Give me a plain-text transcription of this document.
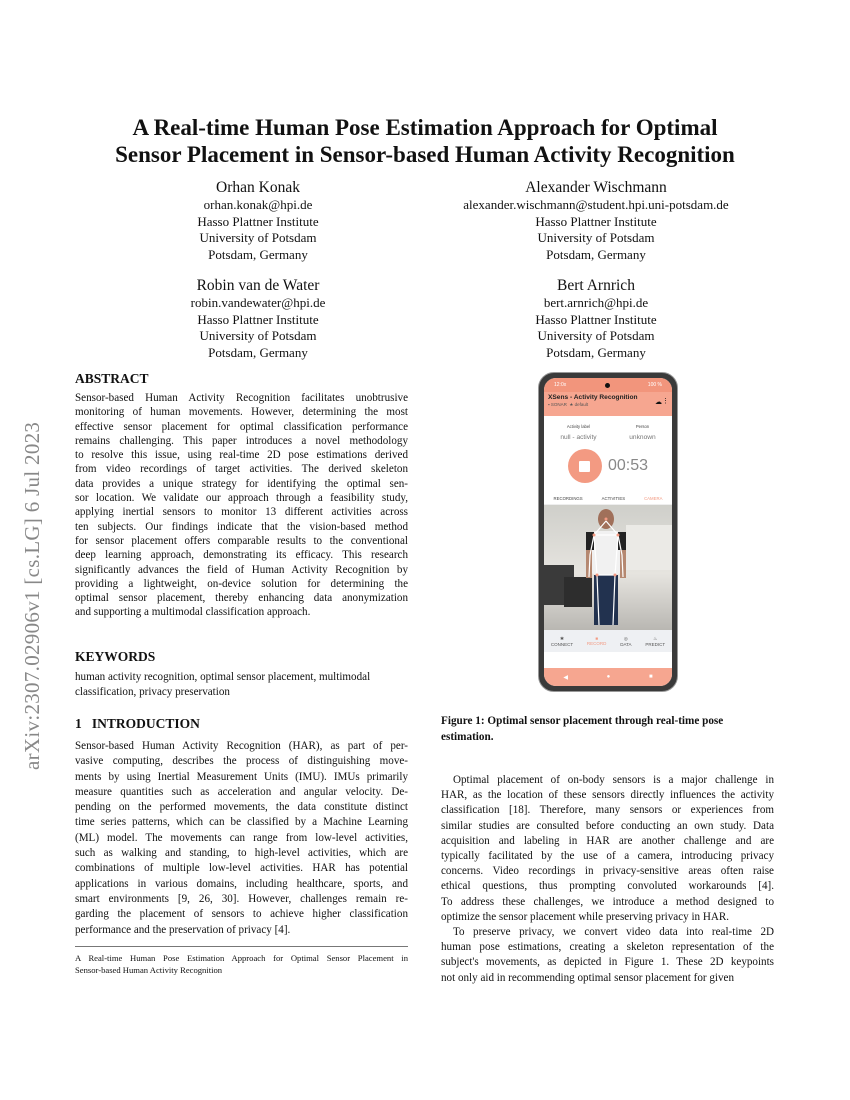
arXiv:2307.02906v1 [cs.LG] 6 Jul 2023
A Real-time Human Pose Estimation Approach for Optimal
Sensor Placement in Sensor-based Human Activity Recognition
Orhan Konak
orhan.konak@hpi.de
Hasso Plattner Institute
University of Potsdam
Potsdam, Germany
Alexander Wischmann
alexander.wischmann@student.hpi.uni-potsdam.de
Hasso Plattner Institute
University of Potsdam
Potsdam, Germany
Robin van de Water
robin.vandewater@hpi.de
Hasso Plattner Institute
University of Potsdam
Potsdam, Germany
Bert Arnrich
bert.arnrich@hpi.de
Hasso Plattner Institute
University of Potsdam
Potsdam, Germany
ABSTRACT
Sensor-based Human Activity Recognition facilitates unobtrusive
monitoring of human movements. However, determining the most
effective sensor placement for optimal classification performance
remains challenging. This paper introduces a novel methodology
to resolve this issue, using real-time 2D pose estimations derived
from video recordings of target activities. The derived skeleton
data provides a unique strategy for identifying the optimal sen-
sor location. We validate our approach through a feasibility study,
applying inertial sensors to monitor 13 different activities across
ten subjects. Our findings indicate that the vision-based method
for sensor placement offers comparable results to the conventional
deep learning approach, demonstrating its efficacy. This research
significantly advances the field of Human Activity Recognition by
providing a lightweight, on-device solution for determining the
optimal sensor placement, thereby enhancing data anonymization
and supporting a multimodal classification approach.
KEYWORDS
human activity recognition, optimal sensor placement, multimodal
classification, privacy preservation
1 INTRODUCTION
Sensor-based Human Activity Recognition (HAR), as part of per-
vasive computing, describes the process of distinguishing move-
ments by using Inertial Measurement Units (IMU). IMUs primarily
measure quantities such as acceleration and angular velocity. De-
pending on the performed movements, the data constitute distinct
time series patterns, which can be classified by a Machine Learning
(ML) model. The movements can range from low-level activities,
such as walking and standing, to high-level activities, which are
combinations of multiple low-level activities. HAR has potential
applications in various domains, including healthcare, sports, and
smart environments [9, 26, 30]. However, challenges remain re-
garding the placement of sensors to achieve higher classification
performance and the preservation of privacy [4].
A Real-time Human Pose Estimation Approach for Optimal Sensor Placement in
Sensor-based Human Activity Recognition
12:0x	100 %
XSens - Activity Recognition
▪ SONAR  ★ default	☁ ⋮
Activity label	Person
null - activity	unknown
00:53
RECORDINGS	ACTIVITIES	CAMERA
✱
CONNECT
■
RECORD
◎
DATA
♨
PREDICT
◀	●	■
Figure 1: Optimal sensor placement through real-time pose
estimation.
Optimal placement of on-body sensors is a major challenge in
HAR, as the location of these sensors directly influences the activity
classification [18]. Therefore, many sensors or experiences from
similar studies are consulted before conducting an own study. Data
acquisition and labeling in HAR are another challenge and are
typically facilitated by the use of a camera, introducing privacy
concerns. Video recordings in privacy-sensitive areas often raise
ethical questions, thus prompting convoluted workarounds [4].
To address these challenges, we introduce a method designed to
optimize the sensor placement while preserving privacy in HAR.
To preserve privacy, we convert video data into real-time 2D
human pose estimations, creating a skeleton representation of the
subject's movements, as depicted in Figure 1. These 2D keypoints
not only aid in recommending optimal sensor placement for given
